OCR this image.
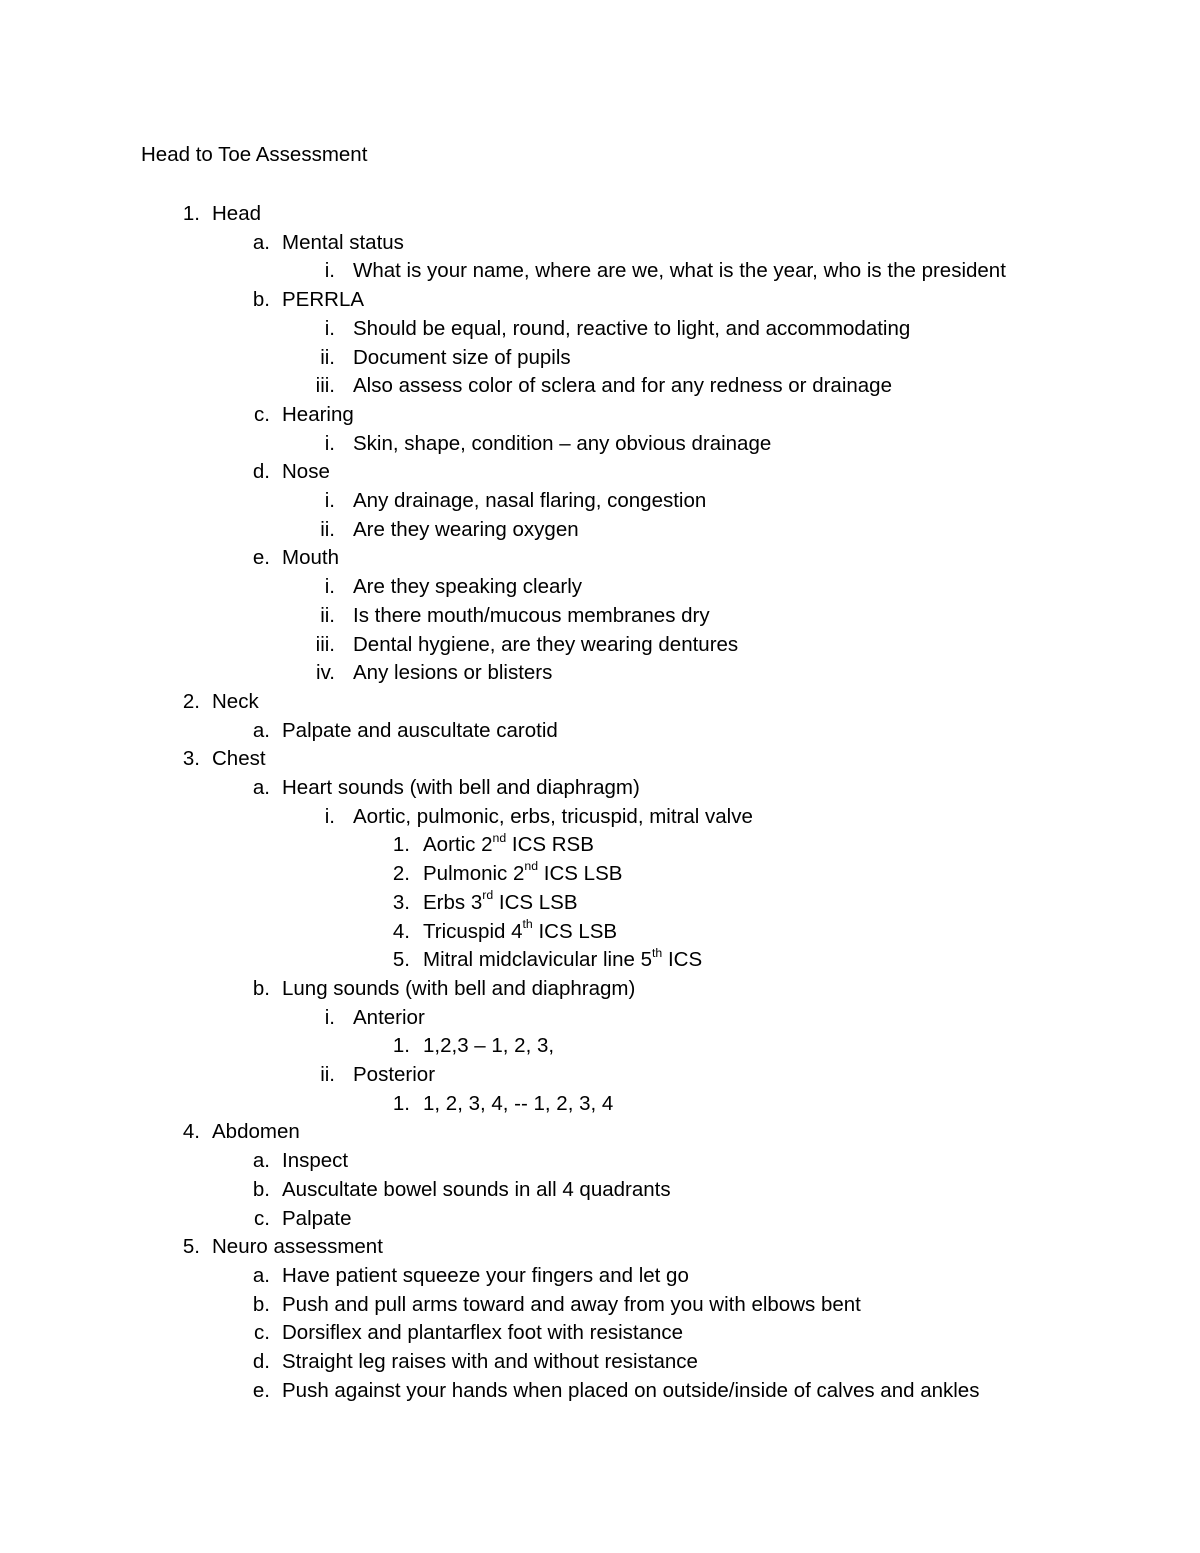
Head to Toe Assessment
1. Head
a. Mental status
i. What is your name, where are we, what is the year, who is the president
b. PERRLA
i. Should be equal, round, reactive to light, and accommodating
ii. Document size of pupils
iii. Also assess color of sclera and for any redness or drainage
c. Hearing
i. Skin, shape, condition – any obvious drainage
d. Nose
i. Any drainage, nasal flaring, congestion
ii. Are they wearing oxygen
e. Mouth
i. Are they speaking clearly
ii. Is there mouth/mucous membranes dry
iii. Dental hygiene, are they wearing dentures
iv. Any lesions or blisters
2. Neck
a. Palpate and auscultate carotid
3. Chest
a. Heart sounds (with bell and diaphragm)
i. Aortic, pulmonic, erbs, tricuspid, mitral valve
1. Aortic 2nd ICS RSB
2. Pulmonic 2nd ICS LSB
3. Erbs 3rd ICS LSB
4. Tricuspid 4th ICS LSB
5. Mitral midclavicular line 5th ICS
b. Lung sounds (with bell and diaphragm)
i. Anterior
1. 1,2,3 – 1, 2, 3,
ii. Posterior
1. 1, 2, 3, 4, -- 1, 2, 3, 4
4. Abdomen
a. Inspect
b. Auscultate bowel sounds in all 4 quadrants
c. Palpate
5. Neuro assessment
a. Have patient squeeze your fingers and let go
b. Push and pull arms toward and away from you with elbows bent
c. Dorsiflex and plantarflex foot with resistance
d. Straight leg raises with and without resistance
e. Push against your hands when placed on outside/inside of calves and ankles
